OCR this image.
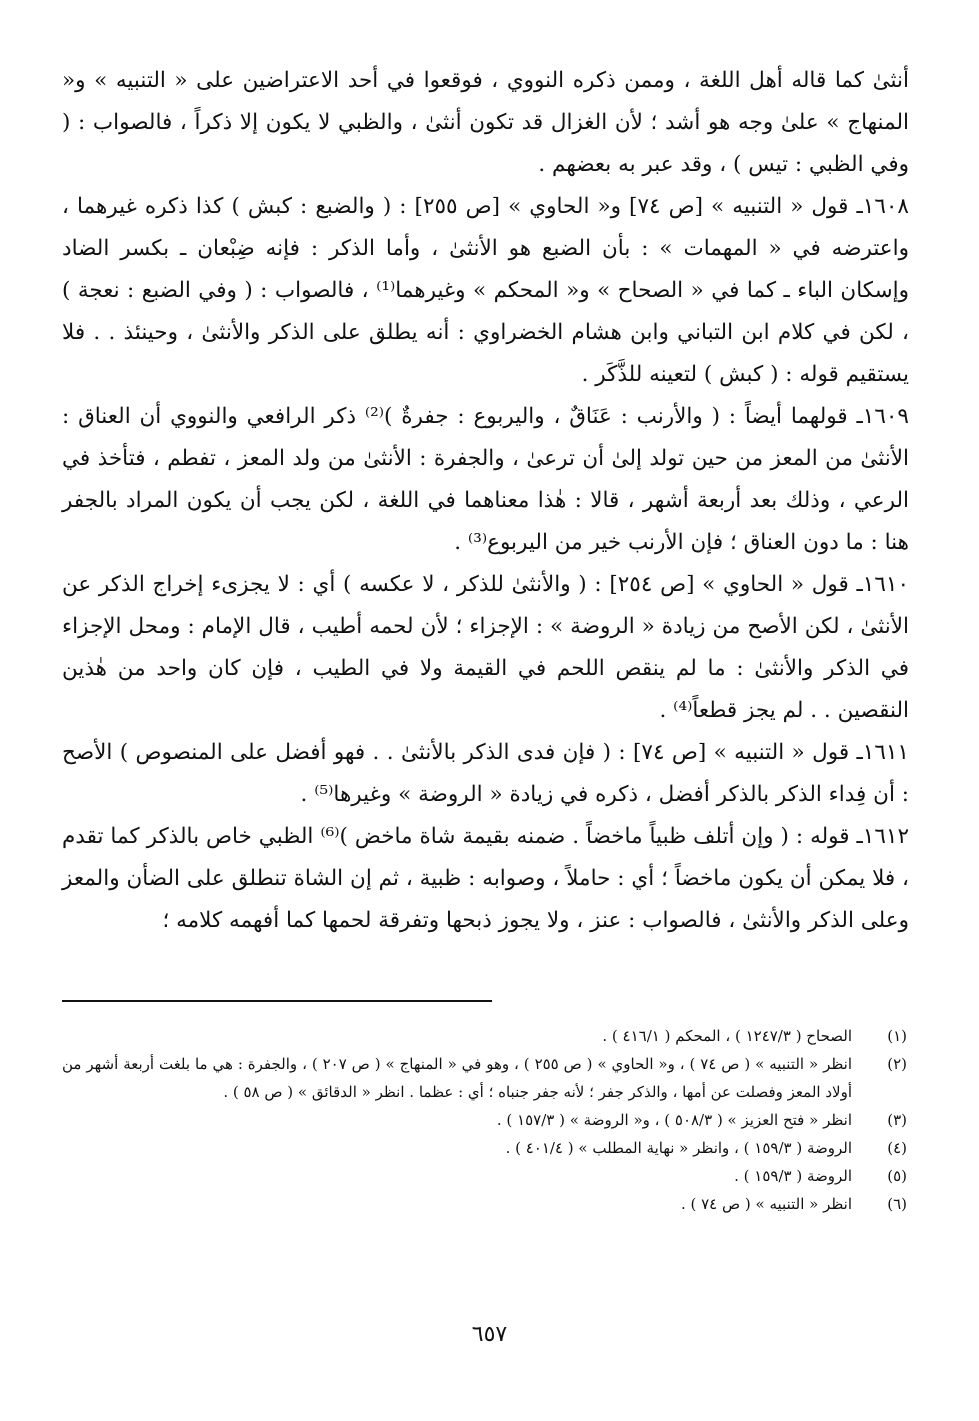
أنثىٰ كما قاله أهل اللغة ، وممن ذكره النووي ، فوقعوا في أحد الاعتراضين على « التنبيه » و« المنهاج » علىٰ وجه هو أشد ؛ لأن الغزال قد تكون أنثىٰ ، والظبي لا يكون إلا ذكراً ، فالصواب : ( وفي الظبي : تيس ) ، وقد عبر به بعضهم .

١٦٠٨ـ قول « التنبيه » [ص ٧٤] و« الحاوي » [ص ٢٥٥] : ( والضبع : كبش ) كذا ذكره غيرهما ، واعترضه في « المهمات » : بأن الضبع هو الأنثىٰ ، وأما الذكر : فإنه ضِبْعان ـ بكسر الضاد وإسكان الباء ـ كما في « الصحاح » و« المحكم » وغيرهما⁽¹⁾ ، فالصواب : ( وفي الضبع : نعجة ) ، لكن في كلام ابن التباني وابن هشام الخضراوي : أنه يطلق على الذكر والأنثىٰ ، وحينئذ . . فلا يستقيم قوله : ( كبش ) لتعينه للذَّكَر .

١٦٠٩ـ قولهما أيضاً : ( والأرنب : عَنَاقٌ ، واليربوع : جفرةٌ )⁽²⁾ ذكر الرافعي والنووي أن العناق : الأنثىٰ من المعز من حين تولد إلىٰ أن ترعىٰ ، والجفرة : الأنثىٰ من ولد المعز ، تفطم ، فتأخذ في الرعي ، وذلك بعد أربعة أشهر ، قالا : هٰذا معناهما في اللغة ، لكن يجب أن يكون المراد بالجفر هنا : ما دون العناق ؛ فإن الأرنب خير من اليربوع⁽³⁾ .

١٦١٠ـ قول « الحاوي » [ص ٢٥٤] : ( والأنثىٰ للذكر ، لا عكسه ) أي : لا يجزىء إخراج الذكر عن الأنثىٰ ، لكن الأصح من زيادة « الروضة » : الإجزاء ؛ لأن لحمه أطيب ، قال الإمام : ومحل الإجزاء في الذكر والأنثىٰ : ما لم ينقص اللحم في القيمة ولا في الطيب ، فإن كان واحد من هٰذين النقصين . . لم يجز قطعاً⁽⁴⁾ .

١٦١١ـ قول « التنبيه » [ص ٧٤] : ( فإن فدى الذكر بالأنثىٰ . . فهو أفضل على المنصوص ) الأصح : أن فِداء الذكر بالذكر أفضل ، ذكره في زيادة « الروضة » وغيرها⁽⁵⁾ .

١٦١٢ـ قوله : ( وإن أتلف ظبياً ماخضاً . ضمنه بقيمة شاة ماخض )⁽⁶⁾ الظبي خاص بالذكر كما تقدم ، فلا يمكن أن يكون ماخضاً ؛ أي : حاملاً ، وصوابه : ظبية ، ثم إن الشاة تنطلق على الضأن والمعز وعلى الذكر والأنثىٰ ، فالصواب : عنز ، ولا يجوز ذبحها وتفرقة لحمها كما أفهمه كلامه ؛

(١)
الصحاح ( ١٢٤٧/٣ ) ، المحكم ( ٤١٦/١ ) .
(٢)
انظر « التنبيه » ( ص ٧٤ ) ، و« الحاوي » ( ص ٢٥٥ ) ، وهو في « المنهاج » ( ص ٢٠٧ ) ، والجفرة : هي ما بلغت أربعة أشهر من أولاد المعز وفصلت عن أمها ، والذكر جفر ؛ لأنه جفر جنباه ؛ أي : عظما . انظر « الدقائق » ( ص ٥٨ ) .
(٣)
انظر « فتح العزيز » ( ٥٠٨/٣ ) ، و« الروضة » ( ١٥٧/٣ ) .
(٤)
الروضة ( ١٥٩/٣ ) ، وانظر « نهاية المطلب » ( ٤٠١/٤ ) .
(٥)
الروضة ( ١٥٩/٣ ) .
(٦)
انظر « التنبيه » ( ص ٧٤ ) .
٦٥٧
